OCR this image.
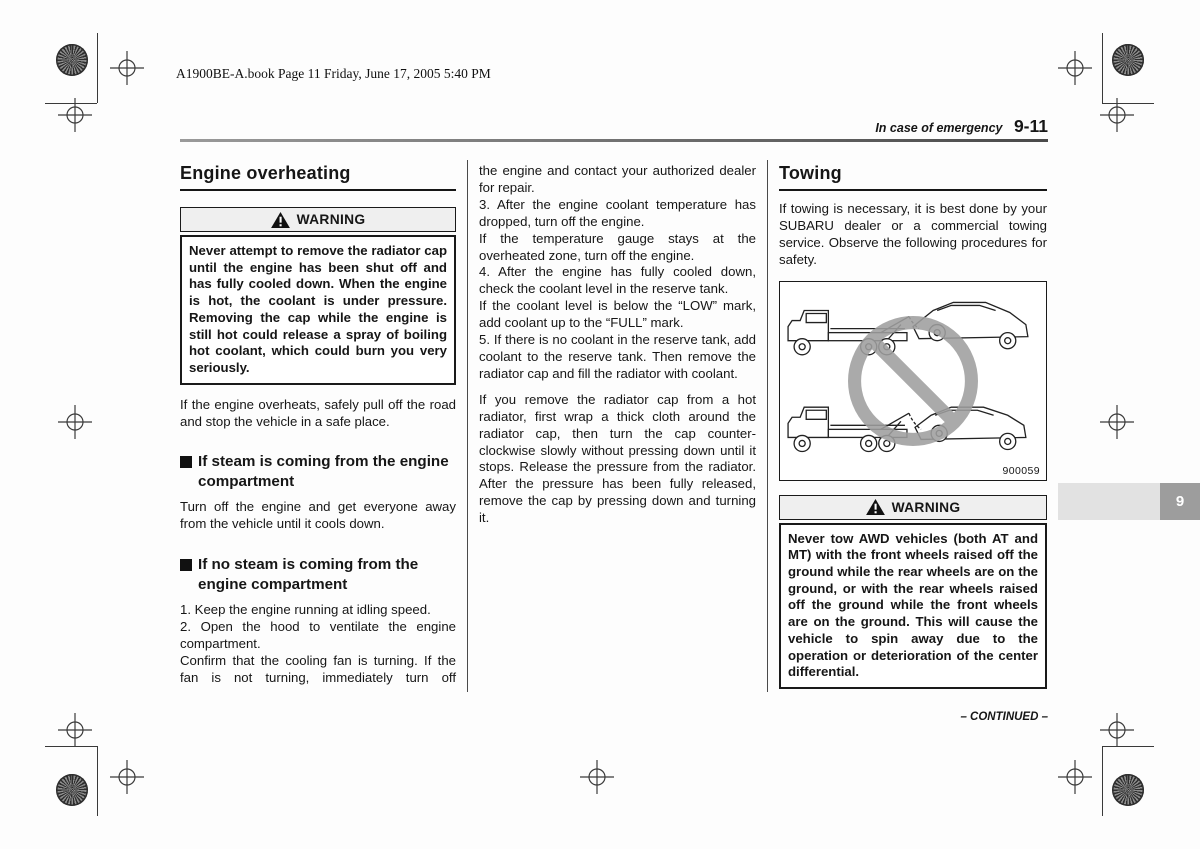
A1900BE-A.book Page 11 Friday, June 17, 2005 5:40 PM
In case of emergency 9-11
Engine overheating
WARNING
Never attempt to remove the radiator cap until the engine has been shut off and has fully cooled down. When the engine is hot, the coolant is under pressure. Removing the cap while the engine is still hot could release a spray of boiling hot coolant, which could burn you very seriously.

If the engine overheats, safely pull off the road and stop the vehicle in a safe place.

If steam is coming from the engine compartment

Turn off the engine and get everyone away from the vehicle until it cools down.

If no steam is coming from the engine compartment

1. Keep the engine running at idling speed.

2. Open the hood to ventilate the engine compartment.

Confirm that the cooling fan is turning. If the fan is not turning, immediately turn off

the engine and contact your authorized dealer for repair.

3. After the engine coolant temperature has dropped, turn off the engine.

If the temperature gauge stays at the overheated zone, turn off the engine.

4. After the engine has fully cooled down, check the coolant level in the reserve tank.

If the coolant level is below the “LOW” mark, add coolant up to the “FULL” mark.

5. If there is no coolant in the reserve tank, add coolant to the reserve tank. Then remove the radiator cap and fill the radiator with coolant.

If you remove the radiator cap from a hot radiator, first wrap a thick cloth around the radiator cap, then turn the cap counter-clockwise slowly without pressing down until it stops. Release the pressure from the radiator. After the pressure has been fully released, remove the cap by pressing down and turning it.

Towing

If towing is necessary, it is best done by your SUBARU dealer or a commercial towing service. Observe the following procedures for safety.

900059
WARNING
Never tow AWD vehicles (both AT and MT) with the front wheels raised off the ground while the rear wheels are on the ground, or with the rear wheels raised off the ground while the front wheels are on the ground. This will cause the vehicle to spin away due to the operation or deterioration of the center differential.
9
– CONTINUED –
